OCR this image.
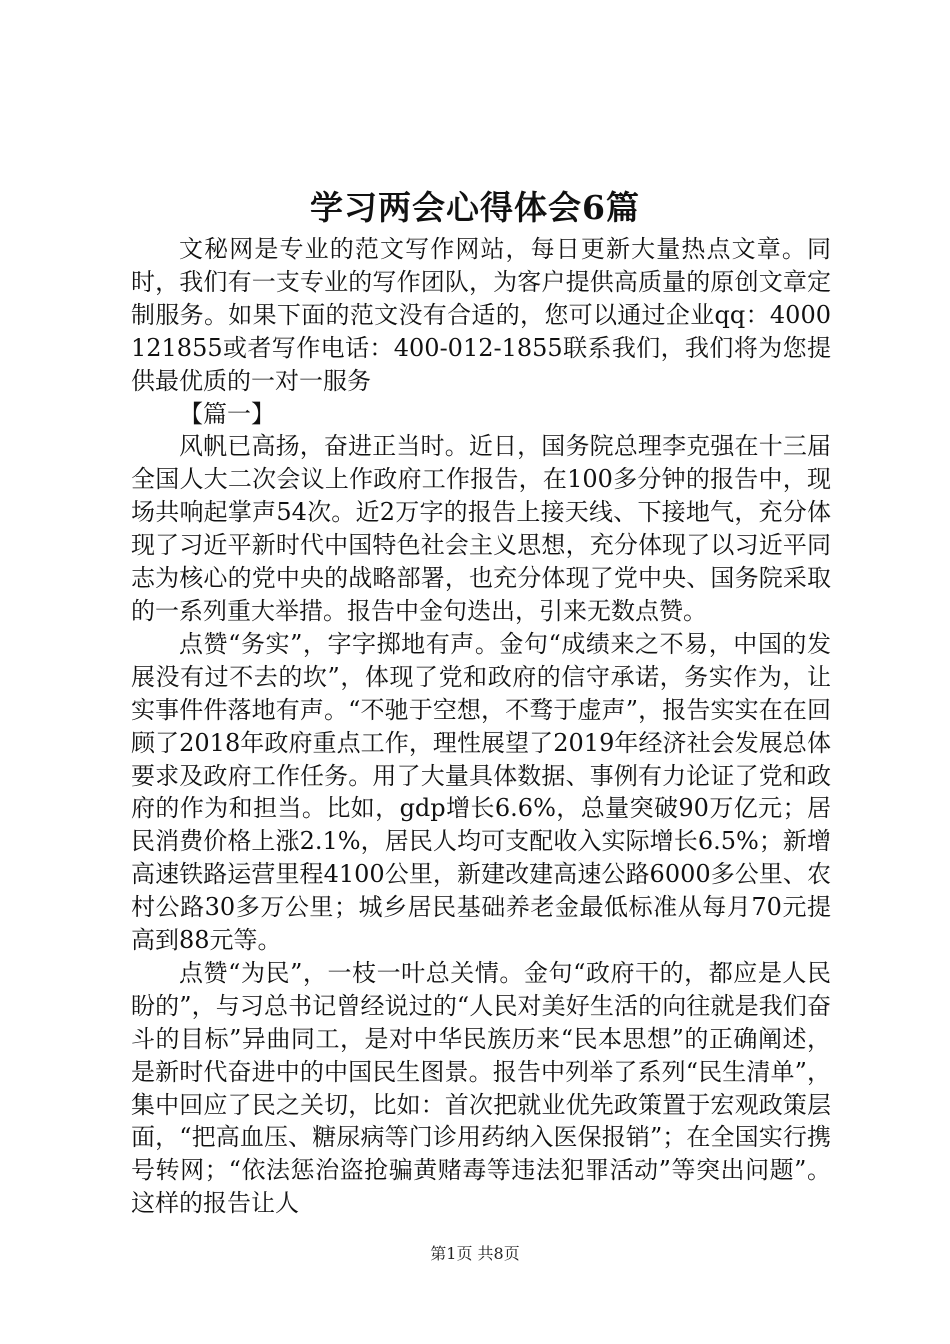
学习两会心得体会6篇

文秘网是专业的范文写作网站，每日更新大量热点文章。同时，我们有一支专业的写作团队，为客户提供高质量的原创文章定制服务。如果下面的范文没有合适的，您可以通过企业qq：4000121855或者写作电话：400-012-1855联系我们，我们将为您提供最优质的一对一服务

【篇一】

风帆已高扬，奋进正当时。近日，国务院总理李克强在十三届全国人大二次会议上作政府工作报告，在100多分钟的报告中，现场共响起掌声54次。近2万字的报告上接天线、下接地气，充分体现了习近平新时代中国特色社会主义思想，充分体现了以习近平同志为核心的党中央的战略部署，也充分体现了党中央、国务院采取的一系列重大举措。报告中金句迭出，引来无数点赞。

点赞“务实”，字字掷地有声。金句“成绩来之不易，中国的发展没有过不去的坎”，体现了党和政府的信守承诺，务实作为，让实事件件落地有声。“不驰于空想，不骛于虚声”，报告实实在在回顾了2018年政府重点工作，理性展望了2019年经济社会发展总体要求及政府工作任务。用了大量具体数据、事例有力论证了党和政府的作为和担当。比如，gdp增长6.6%，总量突破90万亿元；居民消费价格上涨2.1%，居民人均可支配收入实际增长6.5%；新增高速铁路运营里程4100公里，新建改建高速公路6000多公里、农村公路30多万公里；城乡居民基础养老金最低标准从每月70元提高到88元等。

点赞“为民”，一枝一叶总关情。金句“政府干的，都应是人民盼的”，与习总书记曾经说过的“人民对美好生活的向往就是我们奋斗的目标”异曲同工，是对中华民族历来“民本思想”的正确阐述，是新时代奋进中的中国民生图景。报告中列举了系列“民生清单”，集中回应了民之关切，比如：首次把就业优先政策置于宏观政策层面，“把高血压、糖尿病等门诊用药纳入医保报销”；在全国实行携号转网；“依法惩治盗抢骗黄赌毒等违法犯罪活动”等突出问题”。这样的报告让人

第1页 共8页
